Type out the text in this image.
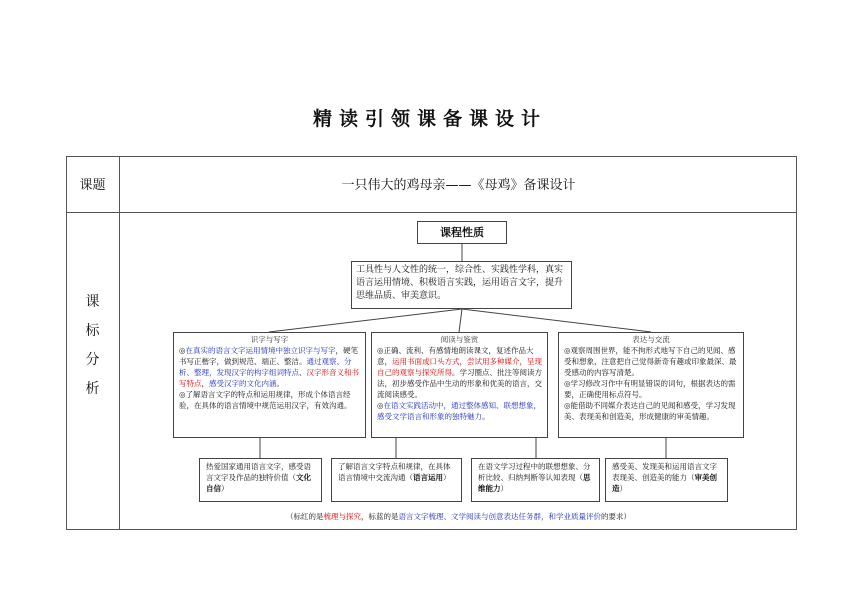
精读引领课备课设计
课题	一只伟大的鸡母亲——《母鸡》备课设计
课
标
分
析
课程性质
工具性与人文性的统一，综合性、实践性学科，真实语言运用情境、积极语言实践，运用语言文字，提升思维品质、审美意识。
识字与写字
◎在真实的语言文字运用情境中独立识字与写字，硬笔书写正楷字，做到规范、端正、整洁。通过观察、分析、整理，发现汉字的构字组词特点、汉字形音义和书写特点，感受汉字的文化内涵。
◎了解语言文字的特点和运用规律，形成个体语言经验，在具体的语言情境中规范运用汉字，有效沟通。
阅读与鉴赏
◎正确、流利、有感情地朗读课文，复述作品大意，运用书面或口头方式，尝试用多种媒介，呈现自己的观察与探究所得。学习圈点、批注等阅读方法，初步感受作品中生动的形象和优美的语言，交流阅读感受。
◎在语文实践活动中，通过整体感知、联想想象，感受文学语言和形象的独特魅力。
表达与交流
◎观察周围世界，能不拘形式地写下自己的见闻、感受和想象，注意把自己觉得新奇有趣或印象最深、最受感动的内容写清楚。
◎学习修改习作中有明显错误的词句，根据表达的需要，正确使用标点符号。
◎能借助不同媒介表达自己的见闻和感受，学习发现美、表现美和创造美，形成健康的审美情趣。
热爱国家通用语言文字，感受语言文字及作品的独特价值（文化自信）
了解语言文字特点和规律，在具体语言情境中交流沟通（语言运用）
在语文学习过程中的联想想象、分析比较、归纳判断等认知表现（思维能力）
感受美、发现美和运用语言文字表现美、创造美的能力（审美创造）
（标红的是梳理与探究，标蓝的是语言文字梳理、文学阅读与创意表达任务群，和学业质量评价的要求）
